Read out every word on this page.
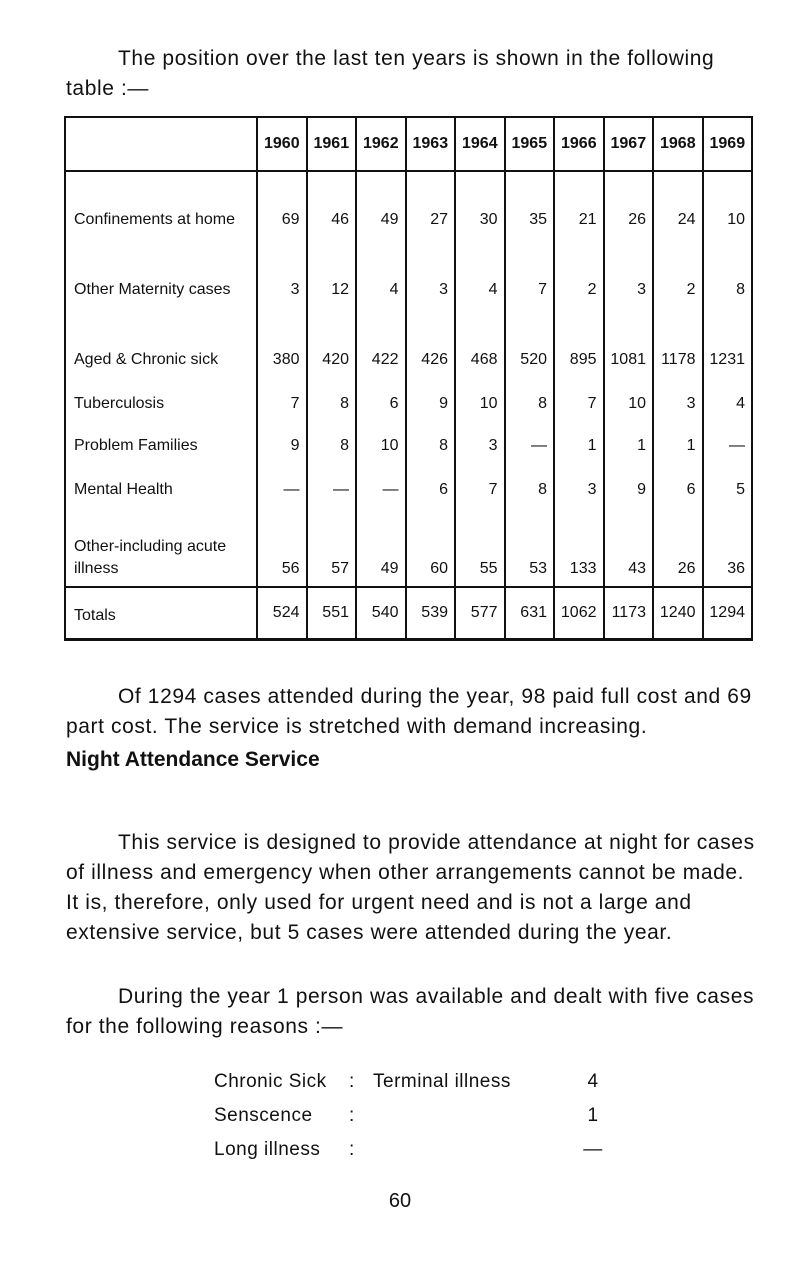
The position over the last ten years is shown in the following table :—

	1960	1961	1962	1963	1964	1965	1966	1967	1968	1969
Confinements at home	69	46	49	27	30	35	21	26	24	10
Other Maternity cases	3	12	4	3	4	7	2	3	2	8
Aged & Chronic sick	380	420	422	426	468	520	895	1081	1178	1231
Tuberculosis	7	8	6	9	10	8	7	10	3	4
Problem Families	9	8	10	8	3	—	1	1	1	—
Mental Health	—	—	—	6	7	8	3	9	6	5
Other-including acute illness	56	57	49	60	55	53	133	43	26	36
Totals	524	551	540	539	577	631	1062	1173	1240	1294

Of 1294 cases attended during the year, 98 paid full cost and 69 part cost. The service is stretched with demand increasing.

Night Attendance Service

This service is designed to provide attendance at night for cases of illness and emergency when other arrangements cannot be made. It is, therefore, only used for urgent need and is not a large and extensive service, but 5 cases were attended during the year.

During the year 1 person was available and dealt with five cases for the following reasons :—

Chronic Sick	: Terminal illness	4
Senscence	:	1
Long illness	:	—
60
